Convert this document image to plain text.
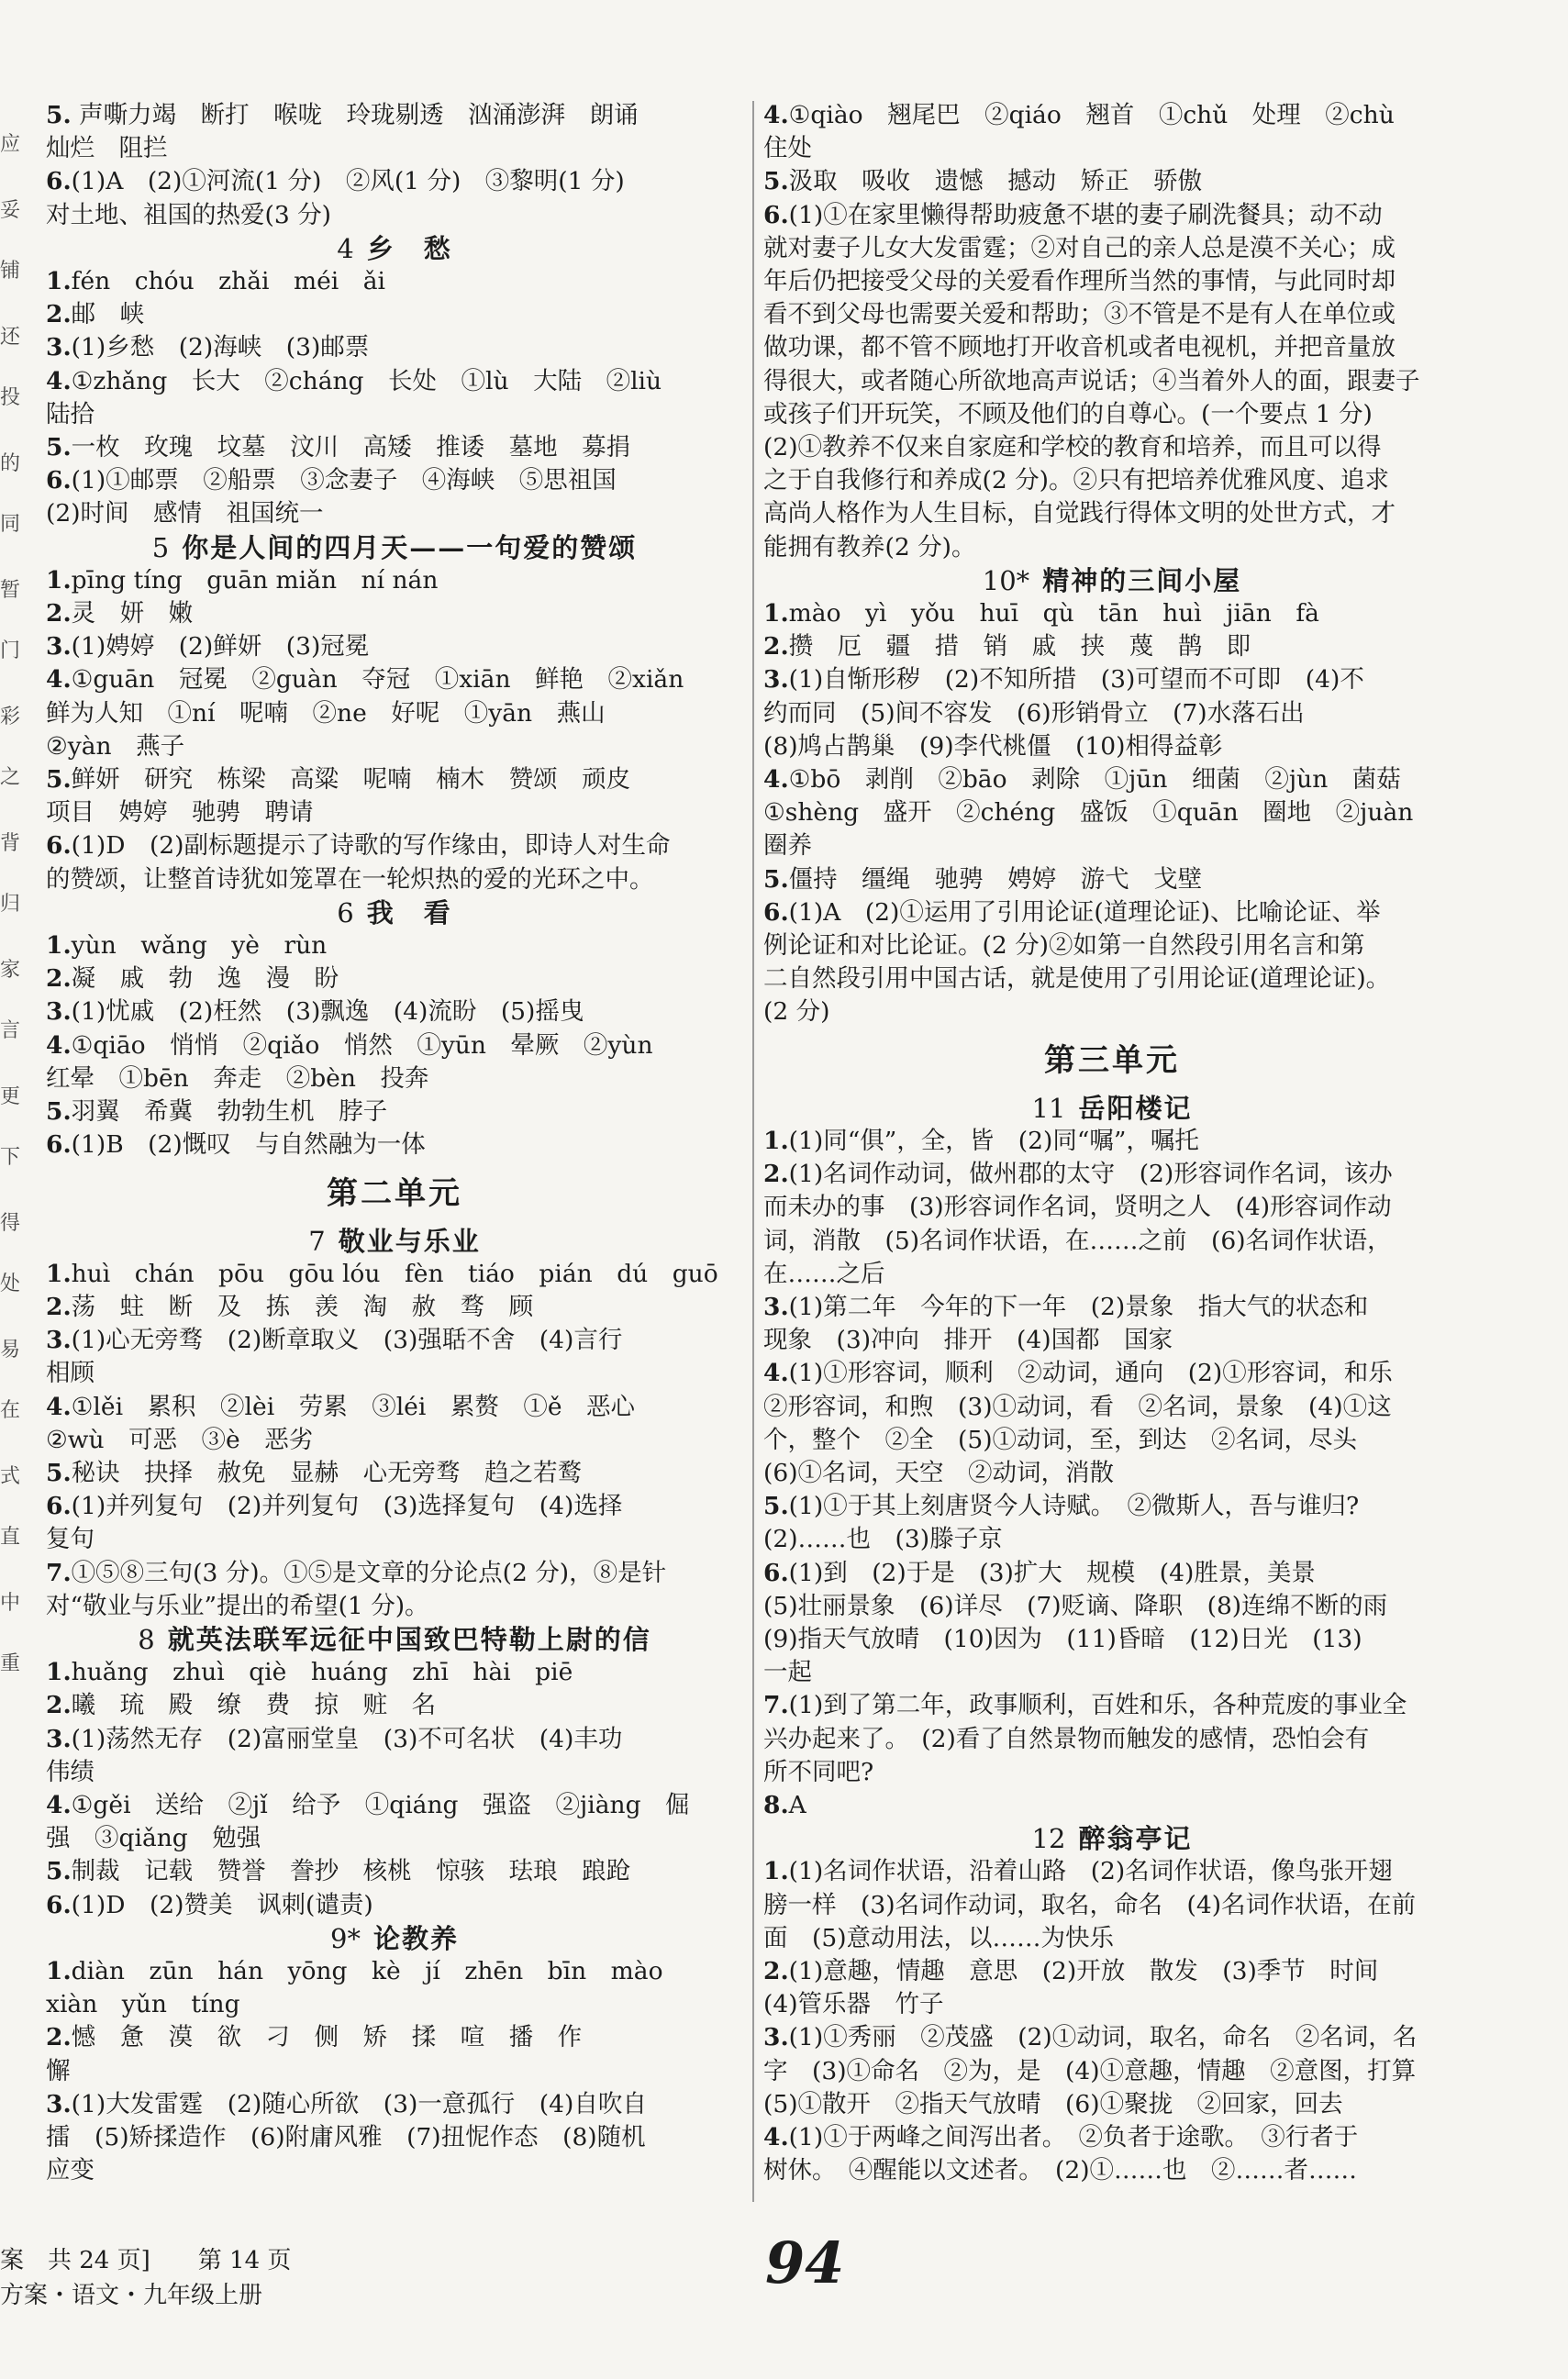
应
妥
铺
还
投
的
同
暂
门
彩
之
背
归
家
言
更
下
得
处
易
在
式
直
中
重
5. 声嘶力竭　断打　喉咙　玲珑剔透　汹涌澎湃　朗诵
灿烂　阻拦
6.(1)A　(2)①河流(1 分)　②风(1 分)　③黎明(1 分)
对土地、祖国的热爱(3 分)
4 乡　愁
1.fén　chóu　zhǎi　méi　ǎi
2.邮　峡
3.(1)乡愁　(2)海峡　(3)邮票
4.①zhǎng　长大　②cháng　长处　①lù　大陆　②liù
陆拾
5.一枚　玫瑰　坟墓　汶川　高矮　推诿　墓地　募捐
6.(1)①邮票　②船票　③念妻子　④海峡　⑤思祖国
(2)时间　感情　祖国统一
5 你是人间的四月天——一句爱的赞颂
1.pīng tíng　guān miǎn　ní nán
2.灵　妍　嫩
3.(1)娉婷　(2)鲜妍　(3)冠冕
4.①guān　冠冕　②guàn　夺冠　①xiān　鲜艳　②xiǎn
鲜为人知　①ní　呢喃　②ne　好呢　①yān　燕山
②yàn　燕子
5.鲜妍　研究　栋梁　高粱　呢喃　楠木　赞颂　顽皮
项目　娉婷　驰骋　聘请
6.(1)D　(2)副标题提示了诗歌的写作缘由，即诗人对生命
的赞颂，让整首诗犹如笼罩在一轮炽热的爱的光环之中。
6 我　看
1.yùn　wǎng　yè　rùn
2.凝　戚　勃　逸　漫　盼
3.(1)忧戚　(2)枉然　(3)飘逸　(4)流盼　(5)摇曳
4.①qiāo　悄悄　②qiǎo　悄然　①yūn　晕厥　②yùn
红晕　①bēn　奔走　②bèn　投奔
5.羽翼　希冀　勃勃生机　脖子
6.(1)B　(2)慨叹　与自然融为一体
第二单元
7 敬业与乐业
1.huì　chán　pōu　gōu lóu　fèn　tiáo　pián　dú　guō
2.荡　蛀　断　及　拣　羡　淘　赦　骛　顾
3.(1)心无旁骛　(2)断章取义　(3)强聒不舍　(4)言行
相顾
4.①lěi　累积　②lèi　劳累　③léi　累赘　①ě　恶心
②wù　可恶　③è　恶劣
5.秘诀　抉择　赦免　显赫　心无旁骛　趋之若鹜
6.(1)并列复句　(2)并列复句　(3)选择复句　(4)选择
复句
7.①⑤⑧三句(3 分)。①⑤是文章的分论点(2 分)，⑧是针
对“敬业与乐业”提出的希望(1 分)。
8 就英法联军远征中国致巴特勒上尉的信
1.huǎng　zhuì　qiè　huáng　zhī　hài　piē
2.曦　琉　殿　缭　费　掠　赃　名
3.(1)荡然无存　(2)富丽堂皇　(3)不可名状　(4)丰功
伟绩
4.①gěi　送给　②jǐ　给予　①qiáng　强盗　②jiàng　倔
强　③qiǎng　勉强
5.制裁　记载　赞誉　誊抄　核桃　惊骇　珐琅　踉跄
6.(1)D　(2)赞美　讽刺(谴责)
9* 论教养
1.diàn　zūn　hán　yōng　kè　jí　zhēn　bīn　mào
xiàn　yǔn　tíng
2.憾　惫　漠　欲　刁　侧　矫　揉　喧　播　作
懈
3.(1)大发雷霆　(2)随心所欲　(3)一意孤行　(4)自吹自
擂　(5)矫揉造作　(6)附庸风雅　(7)扭怩作态　(8)随机
应变
4.①qiào　翘尾巴　②qiáo　翘首　①chǔ　处理　②chù
住处
5.汲取　吸收　遗憾　撼动　矫正　骄傲
6.(1)①在家里懒得帮助疲惫不堪的妻子刷洗餐具；动不动
就对妻子儿女大发雷霆；②对自己的亲人总是漠不关心；成
年后仍把接受父母的关爱看作理所当然的事情，与此同时却
看不到父母也需要关爱和帮助；③不管是不是有人在单位或
做功课，都不管不顾地打开收音机或者电视机，并把音量放
得很大，或者随心所欲地高声说话；④当着外人的面，跟妻子
或孩子们开玩笑，不顾及他们的自尊心。(一个要点 1 分)
(2)①教养不仅来自家庭和学校的教育和培养，而且可以得
之于自我修行和养成(2 分)。②只有把培养优雅风度、追求
高尚人格作为人生目标，自觉践行得体文明的处世方式，才
能拥有教养(2 分)。
10* 精神的三间小屋
1.mào　yì　yǒu　huī　qù　tān　huì　jiān　fà
2.攒　厄　疆　措　销　戚　挟　蔑　鹊　即
3.(1)自惭形秽　(2)不知所措　(3)可望而不可即　(4)不
约而同　(5)间不容发　(6)形销骨立　(7)水落石出
(8)鸠占鹊巢　(9)李代桃僵　(10)相得益彰
4.①bō　剥削　②bāo　剥除　①jūn　细菌　②jùn　菌菇
①shèng　盛开　②chéng　盛饭　①quān　圈地　②juàn
圈养
5.僵持　缰绳　驰骋　娉婷　游弋　戈壁
6.(1)A　(2)①运用了引用论证(道理论证)、比喻论证、举
例论证和对比论证。(2 分)②如第一自然段引用名言和第
二自然段引用中国古话，就是使用了引用论证(道理论证)。
(2 分)
第三单元
11 岳阳楼记
1.(1)同“俱”，全，皆　(2)同“嘱”，嘱托
2.(1)名词作动词，做州郡的太守　(2)形容词作名词，该办
而未办的事　(3)形容词作名词，贤明之人　(4)形容词作动
词，消散　(5)名词作状语，在……之前　(6)名词作状语，
在……之后
3.(1)第二年　今年的下一年　(2)景象　指大气的状态和
现象　(3)冲向　排开　(4)国都　国家
4.(1)①形容词，顺利　②动词，通向　(2)①形容词，和乐
②形容词，和煦　(3)①动词，看　②名词，景象　(4)①这
个，整个　②全　(5)①动词，至，到达　②名词，尽头
(6)①名词，天空　②动词，消散
5.(1)①于其上刻唐贤今人诗赋。　②微斯人，吾与谁归?
(2)……也　(3)滕子京
6.(1)到　(2)于是　(3)扩大　规模　(4)胜景，美景
(5)壮丽景象　(6)详尽　(7)贬谪、降职　(8)连绵不断的雨
(9)指天气放晴　(10)因为　(11)昏暗　(12)日光　(13)
一起
7.(1)到了第二年，政事顺利，百姓和乐，各种荒废的事业全
兴办起来了。　(2)看了自然景物而触发的感情，恐怕会有
所不同吧?
8.A
12 醉翁亭记
1.(1)名词作状语，沿着山路　(2)名词作状语，像鸟张开翅
膀一样　(3)名词作动词，取名，命名　(4)名词作状语，在前
面　(5)意动用法，以……为快乐
2.(1)意趣，情趣　意思　(2)开放　散发　(3)季节　时间
(4)管乐器　竹子
3.(1)①秀丽　②茂盛　(2)①动词，取名，命名　②名词，名
字　(3)①命名　②为，是　(4)①意趣，情趣　②意图，打算
(5)①散开　②指天气放晴　(6)①聚拢　②回家，回去
4.(1)①于两峰之间泻出者。　②负者于途歌。　③行者于
树休。　④醒能以文述者。　(2)①……也　②……者……
案　共 24 页]　　第 14 页
方案・语文・九年级上册	94
